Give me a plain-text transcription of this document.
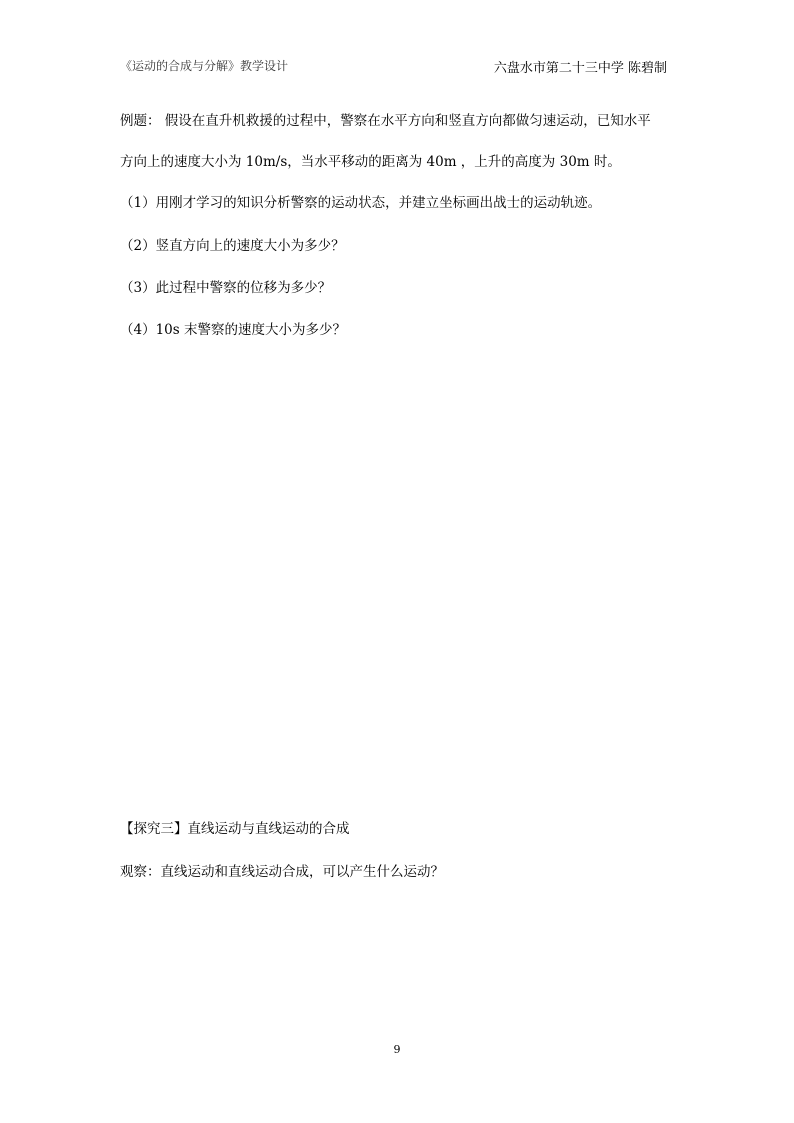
《运动的合成与分解》教学设计	六盘水市第二十三中学 陈碧制
例题： 假设在直升机救援的过程中，警察在水平方向和竖直方向都做匀速运动，已知水平
方向上的速度大小为 10m/s，当水平移动的距离为 40m ，上升的高度为 30m 时。
（1）用刚才学习的知识分析警察的运动状态，并建立坐标画出战士的运动轨迹。
（2）竖直方向上的速度大小为多少？
（3）此过程中警察的位移为多少？
（4）10s 末警察的速度大小为多少？
【探究三】直线运动与直线运动的合成
观察：直线运动和直线运动合成，可以产生什么运动？
9
